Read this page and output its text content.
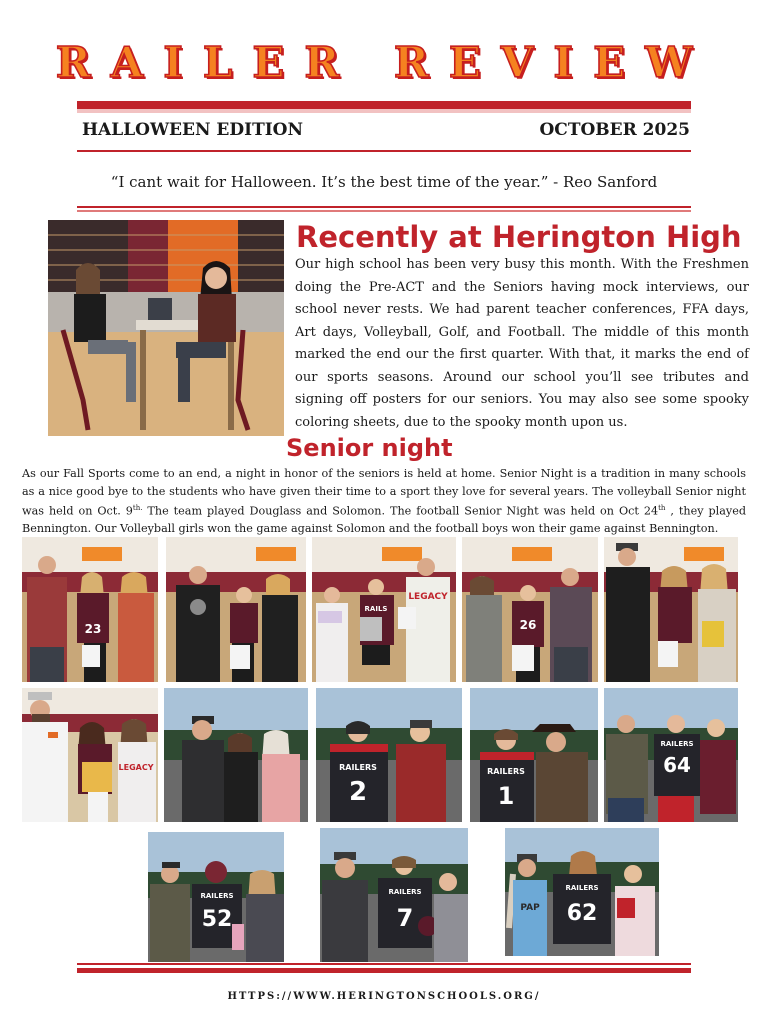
RAILER REVIEW
HALLOWEEN EDITION	OCTOBER 2025
“I cant wait for Halloween. It’s the best time of the year.” - Reo Sanford
Recently at Herington High
Our high school has been very busy this month. With the Freshmen doing the Pre-ACT and the Seniors having mock interviews, our school never rests. We had parent teacher conferences, FFA days, Art days, Volleyball, Golf, and Football. The middle of this month marked the end our the first quarter. With that, it marks the end of our sports seasons. Around our school you’ll see tributes and signing off posters for our seniors. You may also see some spooky coloring sheets, due to the spooky month upon us.
Senior night
As our Fall Sports come to an end, a night in honor of the seniors is held at home. Senior Night is a tradition in many schools as a nice good bye to the students who have given their time to a sport they love for several years. The volleyball Senior night was held on Oct. $9^{th.}$ The team played Douglass and Solomon. The football Senior Night was held on Oct 24th , they played Bennington. Our Volleyball girls won the game against Solomon and the football boys won their game against Bennington.
23
RAILS
LEGACY
26
LEGACY	RAILERS
2
RAILERS
1
RAILERS
64
RAILERS
52
RAILERS
7	PAP
RAILERS
62
HTTPS://WWW.HERINGTONSCHOOLS.ORG/
